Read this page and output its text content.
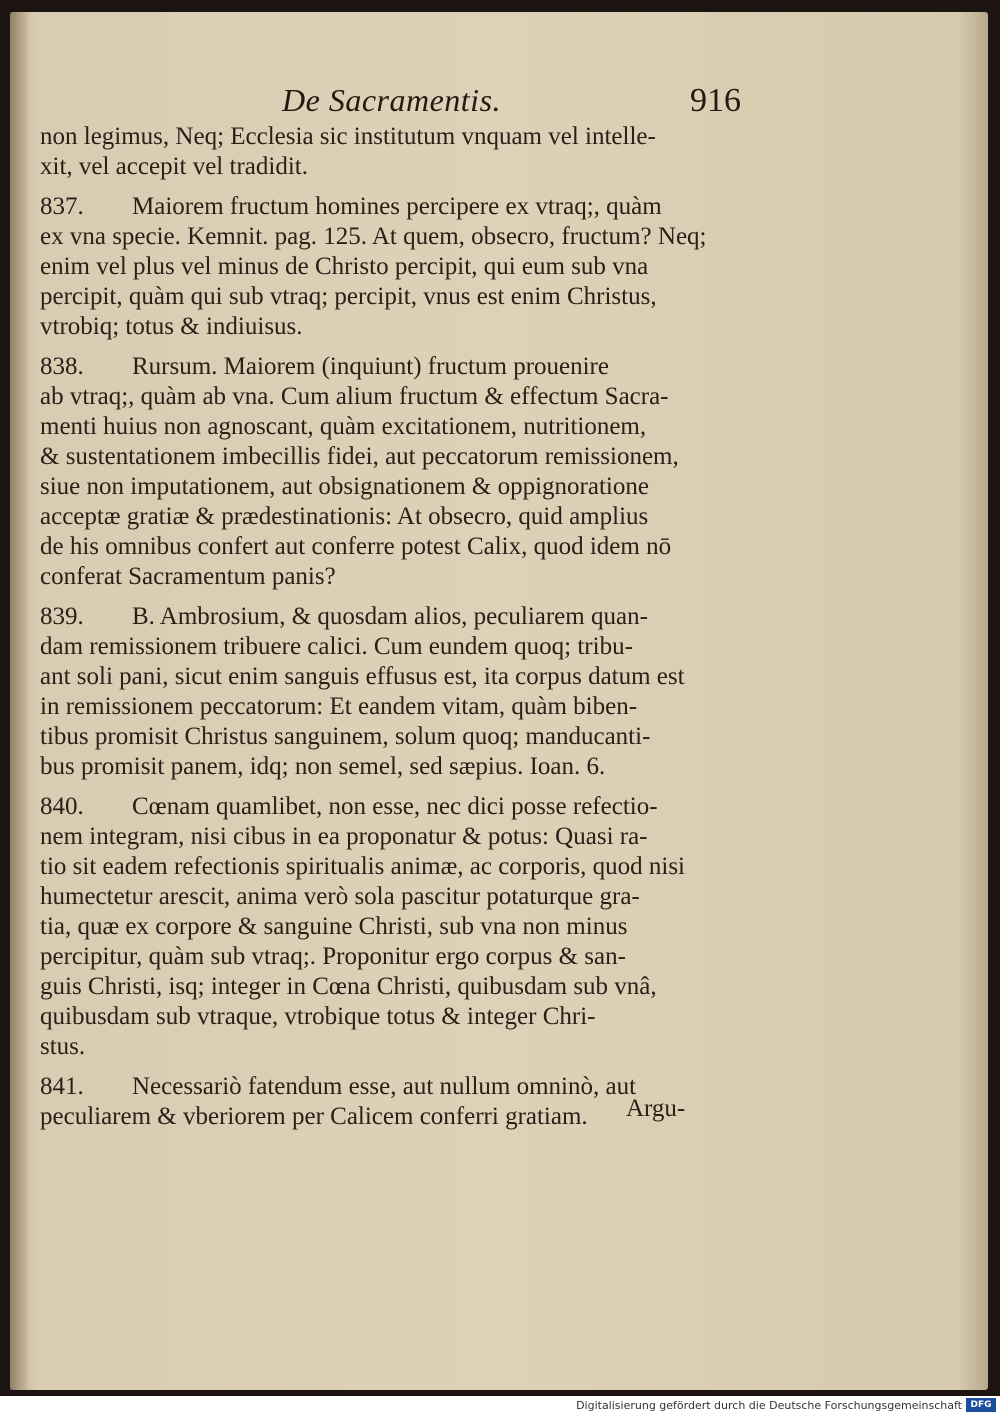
De Sacramentis.	916
non legimus, Neq; Ecclesia sic institutum vnquam vel intelle-
xit, vel accepit vel tradidit.
837. Maiorem fructum homines percipere ex vtraq;, quàm
ex vna specie. Kemnit. pag. 125. At quem, obsecro, fructum? Neq;
enim vel plus vel minus de Christo percipit, qui eum sub vna
percipit, quàm qui sub vtraq; percipit, vnus est enim Christus,
vtrobiq; totus & indiuisus.
838. Rursum. Maiorem (inquiunt) fructum prouenire
ab vtraq;, quàm ab vna. Cum alium fructum & effectum Sacra-
menti huius non agnoscant, quàm excitationem, nutritionem,
& sustentationem imbecillis fidei, aut peccatorum remissionem,
siue non imputationem, aut obsignationem & oppignoratione
acceptæ gratiæ & prædestinationis: At obsecro, quid amplius
de his omnibus confert aut conferre potest Calix, quod idem nō
conferat Sacramentum panis?
839. B. Ambrosium, & quosdam alios, peculiarem quan-
dam remissionem tribuere calici. Cum eundem quoq; tribu-
ant soli pani, sicut enim sanguis effusus est, ita corpus datum est
in remissionem peccatorum: Et eandem vitam, quàm biben-
tibus promisit Christus sanguinem, solum quoq; manducanti-
bus promisit panem, idq; non semel, sed sæpius. Ioan. 6.
840. Cœnam quamlibet, non esse, nec dici posse refectio-
nem integram, nisi cibus in ea proponatur & potus: Quasi ra-
tio sit eadem refectionis spiritualis animæ, ac corporis, quod nisi
humectetur arescit, anima verò sola pascitur potaturque gra-
tia, quæ ex corpore & sanguine Christi, sub vna non minus
percipitur, quàm sub vtraq;. Proponitur ergo corpus & san-
guis Christi, isq; integer in Cœna Christi, quibusdam sub vnâ,
quibusdam sub vtraque, vtrobique totus & integer Chri-
stus.
841. Necessariò fatendum esse, aut nullum omninò, aut
peculiarem & vberiorem per Calicem conferri gratiam.	Argu-
Digitalisierung gefördert durch die Deutsche Forschungsgemeinschaft DFG
